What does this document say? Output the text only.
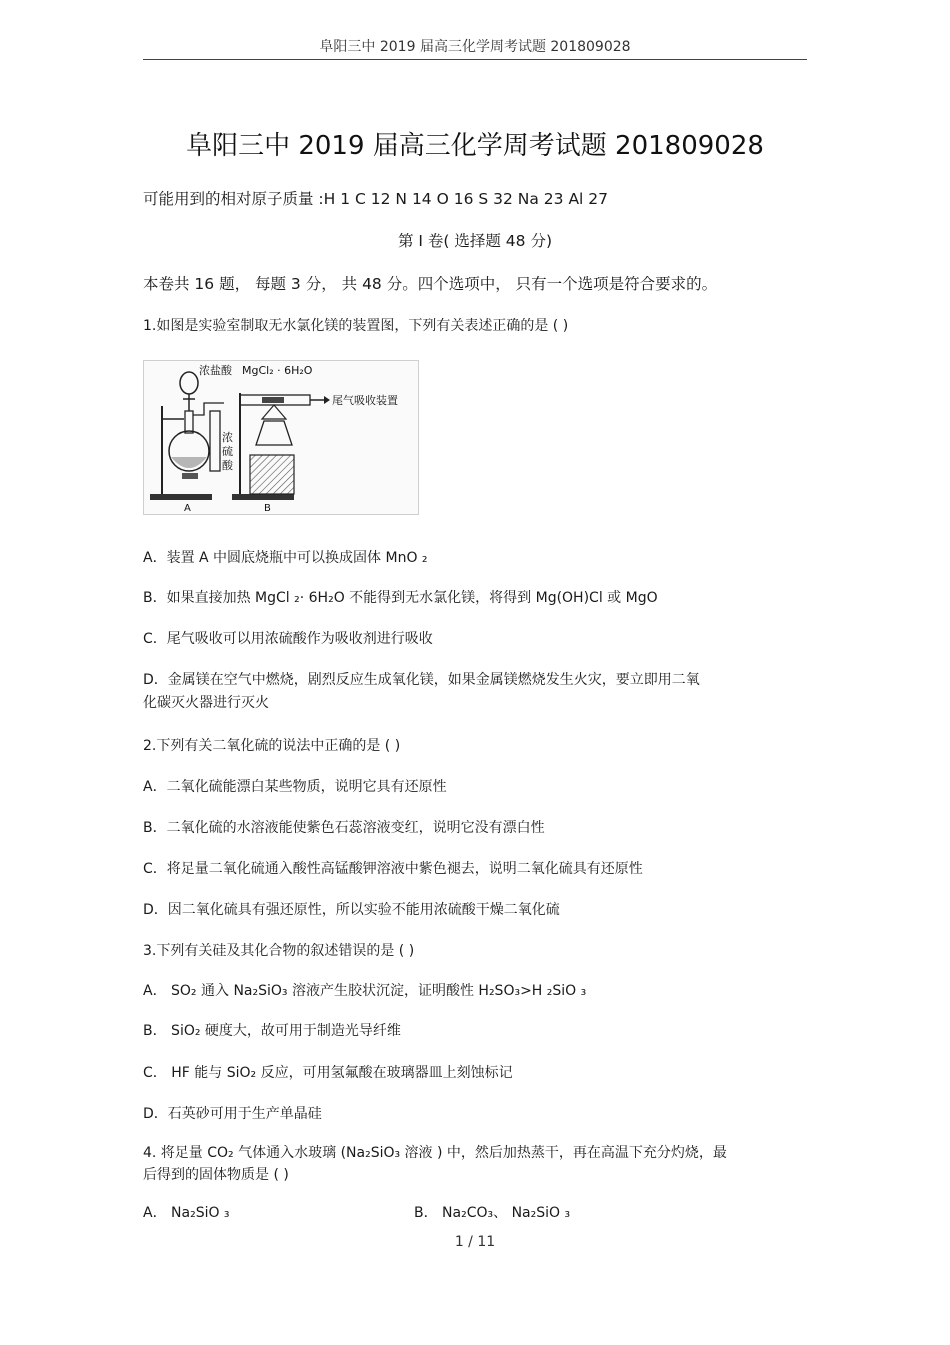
阜阳三中 2019 届高三化学周考试题 201809028
阜阳三中 2019 届高三化学周考试题 201809028
可能用到的相对原子质量 :H 1 C 12 N 14 O 16 S 32 Na 23 Al 27
第 I 卷( 选择题 48 分)
本卷共 16 题， 每题 3 分， 共 48 分。四个选项中， 只有一个选项是符合要求的。
1.如图是实验室制取无水氯化镁的装置图，下列有关表述正确的是 ( )
浓盐酸 MgCl₂ · 6H₂O
尾气吸收装置
浓
硫
酸
A	B
A．装置 A 中圆底烧瓶中可以换成固体 MnO ₂
B．如果直接加热 MgCl ₂· 6H₂O 不能得到无水氯化镁，将得到 Mg(OH)Cl 或 MgO
C．尾气吸收可以用浓硫酸作为吸收剂进行吸收
D．金属镁在空气中燃烧，剧烈反应生成氧化镁，如果金属镁燃烧发生火灾，要立即用二氧
化碳灭火器进行灭火
2.下列有关二氧化硫的说法中正确的是 ( )
A．二氧化硫能漂白某些物质，说明它具有还原性
B．二氧化硫的水溶液能使紫色石蕊溶液变红，说明它没有漂白性
C．将足量二氧化硫通入酸性高锰酸钾溶液中紫色褪去，说明二氧化硫具有还原性
D．因二氧化硫具有强还原性，所以实验不能用浓硫酸干燥二氧化硫
3.下列有关硅及其化合物的叙述错误的是 ( )
A． SO₂ 通入 Na₂SiO₃ 溶液产生胶状沉淀，证明酸性 H₂SO₃>H ₂SiO ₃
B． SiO₂ 硬度大，故可用于制造光导纤维
C． HF 能与 SiO₂ 反应，可用氢氟酸在玻璃器皿上刻蚀标记
D．石英砂可用于生产单晶硅
4. 将足量 CO₂ 气体通入水玻璃 (Na₂SiO₃ 溶液 ) 中，然后加热蒸干，再在高温下充分灼烧，最
后得到的固体物质是 ( )
A． Na₂SiO ₃	B． Na₂CO₃、 Na₂SiO ₃
1 / 11
